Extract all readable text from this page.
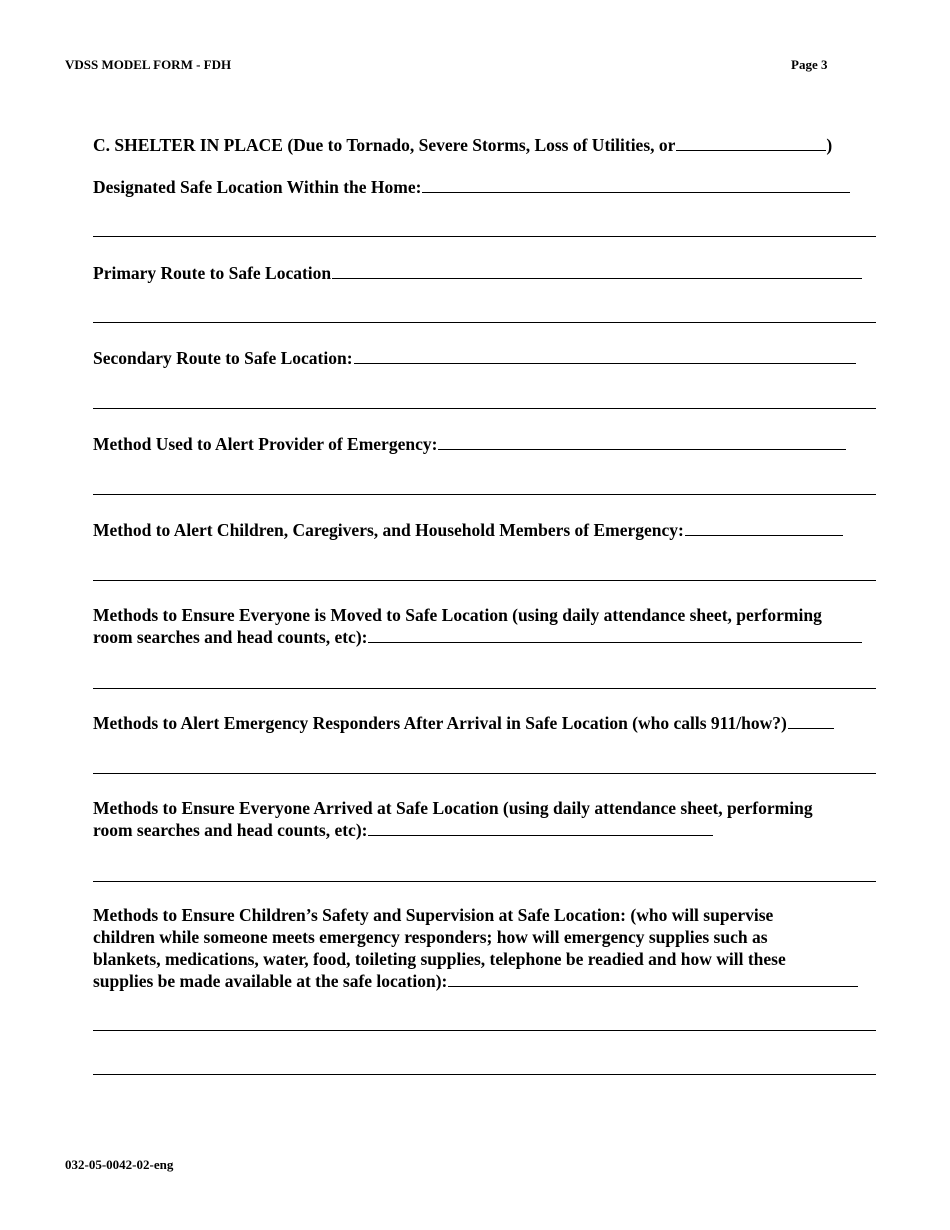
VDSS MODEL FORM - FDH	Page 3
C. SHELTER IN PLACE (Due to Tornado, Severe Storms, Loss of Utilities, or	)
Designated Safe Location Within the Home:
Primary Route to Safe Location
Secondary Route to Safe Location:
Method Used to Alert Provider of Emergency:
Method to Alert Children, Caregivers, and Household Members of Emergency:
Methods to Ensure Everyone is Moved to Safe Location (using daily attendance sheet, performing
room searches and head counts, etc):
Methods to Alert Emergency Responders After Arrival in Safe Location (who calls 911/how?)
Methods to Ensure Everyone Arrived at Safe Location (using daily attendance sheet, performing
room searches and head counts, etc):
Methods to Ensure Children’s Safety and Supervision at Safe Location: (who will supervise
children while someone meets emergency responders; how will emergency supplies such as
blankets, medications, water, food, toileting supplies, telephone be readied and how will these
supplies be made available at the safe location):
032-05-0042-02-eng
